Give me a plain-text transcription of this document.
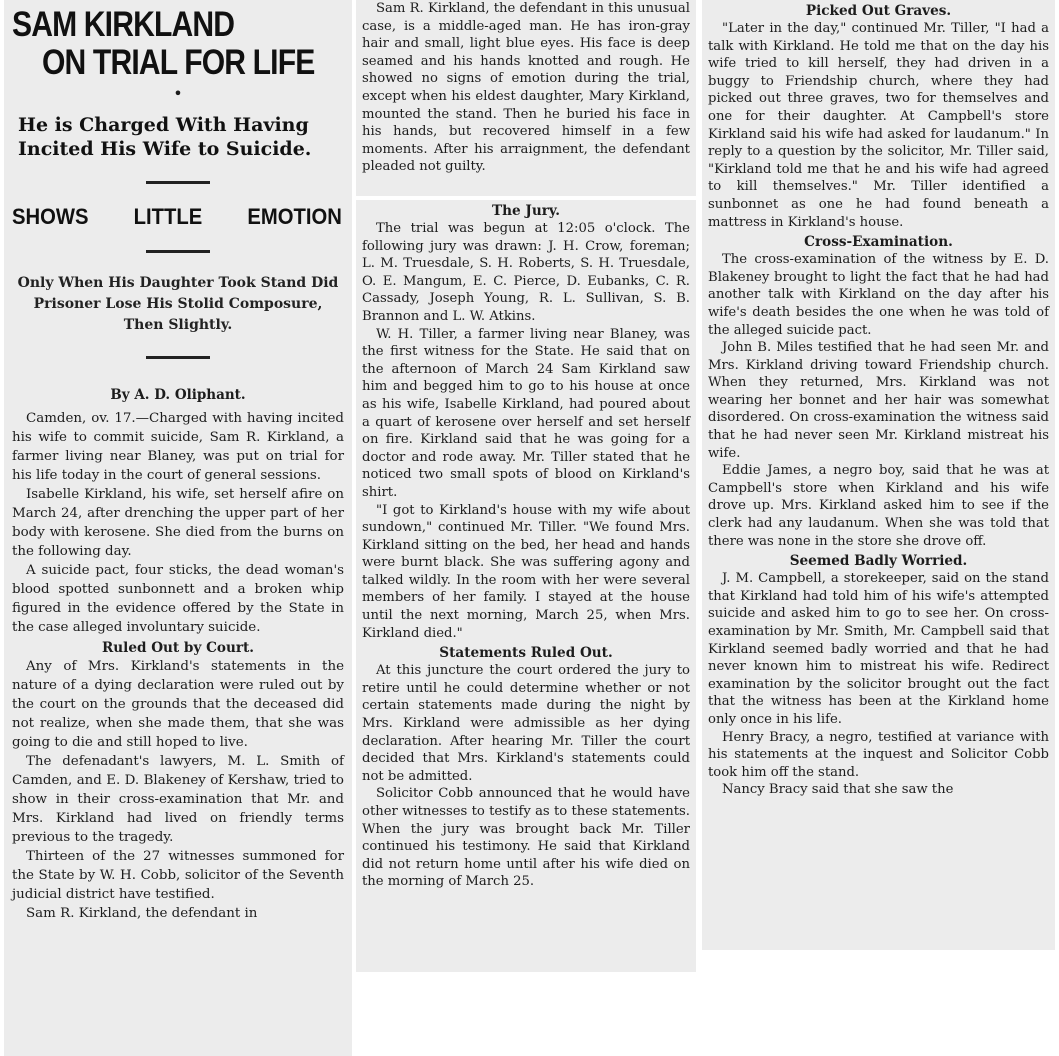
SAM KIRKLAND
ON TRIAL FOR LIFE
•
He is Charged With Having Incited His Wife to Suicide.
SHOWS LITTLE EMOTION
Only When His Daughter Took Stand Did Prisoner Lose His Stolid Composure, Then Slightly.
By A. D. Oliphant.

Camden, ov. 17.—Charged with having incited his wife to commit suicide, Sam R. Kirkland, a farmer living near Blaney, was put on trial for his life today in the court of general sessions.

Isabelle Kirkland, his wife, set herself afire on March 24, after drenching the upper part of her body with kerosene. She died from the burns on the following day.

A suicide pact, four sticks, the dead woman's blood spotted sunbonnett and a broken whip figured in the evidence offered by the State in the case alleged involuntary suicide.

Ruled Out by Court.

Any of Mrs. Kirkland's statements in the nature of a dying declaration were ruled out by the court on the grounds that the deceased did not realize, when she made them, that she was going to die and still hoped to live.

The defenadant's lawyers, M. L. Smith of Camden, and E. D. Blakeney of Kershaw, tried to show in their cross-examination that Mr. and Mrs. Kirkland had lived on friendly terms previous to the tragedy.

Thirteen of the 27 witnesses summoned for the State by W. H. Cobb, solicitor of the Seventh judicial district have testified.

Sam R. Kirkland, the defendant in

Sam R. Kirkland, the defendant in this unusual case, is a middle-aged man. He has iron-gray hair and small, light blue eyes. His face is deep seamed and his hands knotted and rough. He showed no signs of emotion during the trial, except when his eldest daughter, Mary Kirkland, mounted the stand. Then he buried his face in his hands, but recovered himself in a few moments. After his arraignment, the defendant pleaded not guilty.

The Jury.

The trial was begun at 12:05 o'clock. The following jury was drawn: J. H. Crow, foreman; L. M. Truesdale, S. H. Roberts, S. H. Truesdale, O. E. Mangum, E. C. Pierce, D. Eubanks, C. R. Cassady, Joseph Young, R. L. Sullivan, S. B. Brannon and L. W. Atkins.

W. H. Tiller, a farmer living near Blaney, was the first witness for the State. He said that on the afternoon of March 24 Sam Kirkland saw him and begged him to go to his house at once as his wife, Isabelle Kirkland, had poured about a quart of kerosene over herself and set herself on fire. Kirkland said that he was going for a doctor and rode away. Mr. Tiller stated that he noticed two small spots of blood on Kirkland's shirt.

"I got to Kirkland's house with my wife about sundown," continued Mr. Tiller. "We found Mrs. Kirkland sitting on the bed, her head and hands were burnt black. She was suffering agony and talked wildly. In the room with her were several members of her family. I stayed at the house until the next morning, March 25, when Mrs. Kirkland died."

Statements Ruled Out.

At this juncture the court ordered the jury to retire until he could determine whether or not certain statements made during the night by Mrs. Kirkland were admissible as her dying declaration. After hearing Mr. Tiller the court decided that Mrs. Kirkland's statements could not be admitted.

Solicitor Cobb announced that he would have other witnesses to testify as to these statements. When the jury was brought back Mr. Tiller continued his testimony. He said that Kirkland did not return home until after his wife died on the morning of March 25.

Picked Out Graves.

"Later in the day," continued Mr. Tiller, "I had a talk with Kirkland. He told me that on the day his wife tried to kill herself, they had driven in a buggy to Friendship church, where they had picked out three graves, two for themselves and one for their daughter. At Campbell's store Kirkland said his wife had asked for laudanum." In reply to a question by the solicitor, Mr. Tiller said, "Kirkland told me that he and his wife had agreed to kill themselves." Mr. Tiller identified a sunbonnet as one he had found beneath a mattress in Kirkland's house.

Cross-Examination.

The cross-examination of the witness by E. D. Blakeney brought to light the fact that he had had another talk with Kirkland on the day after his wife's death besides the one when he was told of the alleged suicide pact.

John B. Miles testified that he had seen Mr. and Mrs. Kirkland driving toward Friendship church. When they returned, Mrs. Kirkland was not wearing her bonnet and her hair was somewhat disordered. On cross-examination the witness said that he had never seen Mr. Kirkland mistreat his wife.

Eddie James, a negro boy, said that he was at Campbell's store when Kirkland and his wife drove up. Mrs. Kirkland asked him to see if the clerk had any laudanum. When she was told that there was none in the store she drove off.

Seemed Badly Worried.

J. M. Campbell, a storekeeper, said on the stand that Kirkland had told him of his wife's attempted suicide and asked him to go to see her. On cross-examination by Mr. Smith, Mr. Campbell said that Kirkland seemed badly worried and that he had never known him to mistreat his wife. Redirect examination by the solicitor brought out the fact that the witness has been at the Kirkland home only once in his life.

Henry Bracy, a negro, testified at variance with his statements at the inquest and Solicitor Cobb took him off the stand.

Nancy Bracy said that she saw the
